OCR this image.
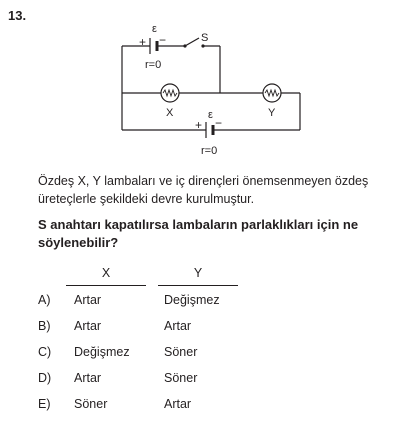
13.
ε
+ −
r=0
S
X	Y
ε
+ −
r=0
Özdeş X, Y lambaları ve iç dirençleri önemsenmeyen özdeş üreteçlerle şekildeki devre kurulmuştur.
S anahtarı kapatılırsa lambaların parlaklıkları için ne söylenebilir?
X	Y
A)	Artar	Değişmez
B)	Artar	Artar
C)	Değişmez	Söner
D)	Artar	Söner
E)	Söner	Artar
